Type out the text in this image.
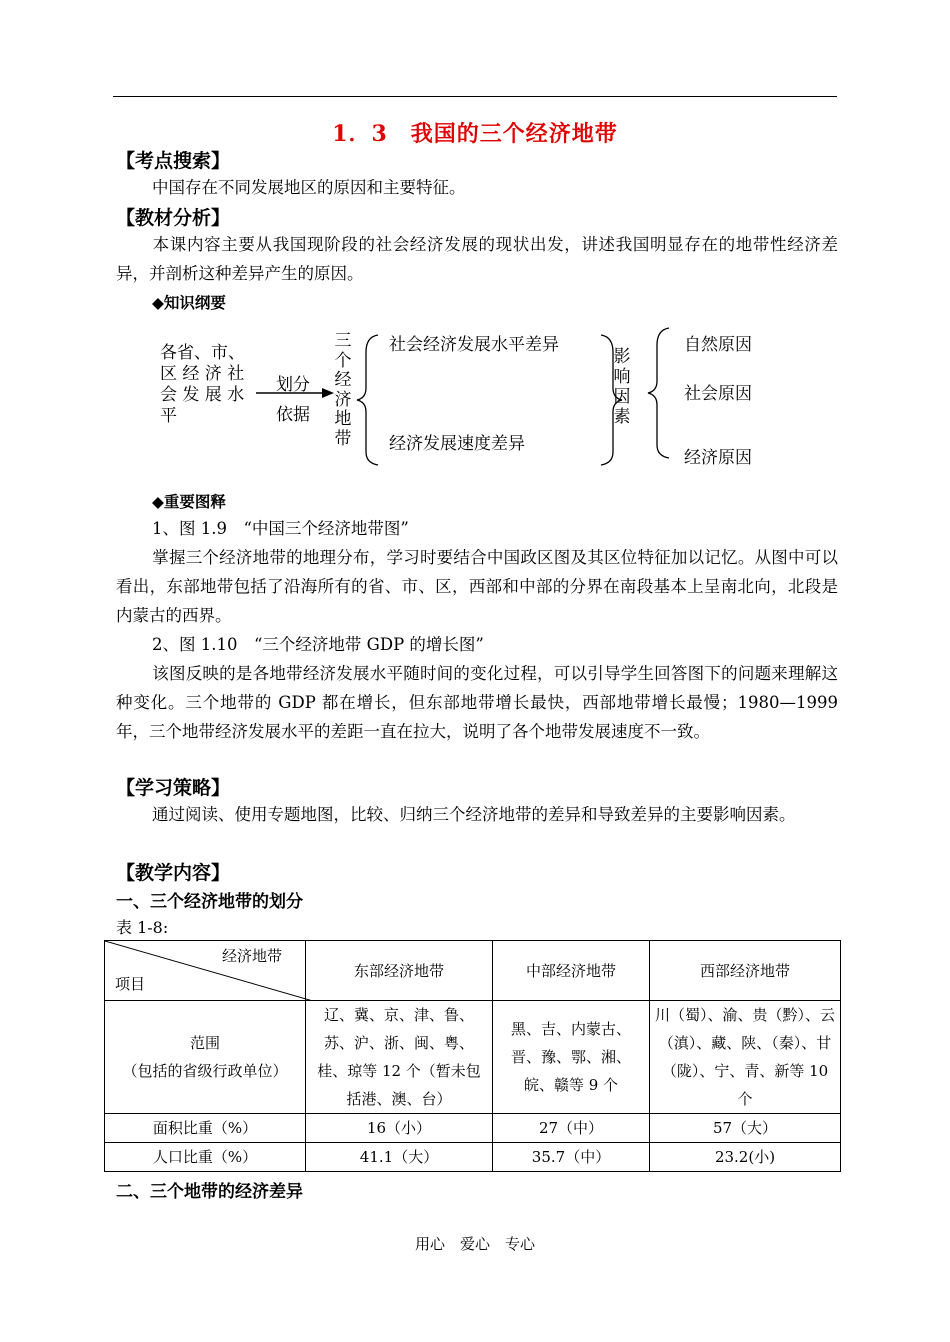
1．3　我国的三个经济地带
【考点搜索】
中国存在不同发展地区的原因和主要特征。
【教材分析】
本课内容主要从我国现阶段的社会经济发展的现状出发，讲述我国明显存在的地带性经济差异，并剖析这种差异产生的原因。
◆知识纲要
各省、市、
区 经 济 社
会 发 展 水
平
划分
依据
三个经济地带
社会经济发展水平差异
经济发展速度差异
影响因素
自然原因
社会原因
经济原因
◆重要图释
1、图 1.9　“中国三个经济地带图”
掌握三个经济地带的地理分布，学习时要结合中国政区图及其区位特征加以记忆。从图中可以看出，东部地带包括了沿海所有的省、市、区，西部和中部的分界在南段基本上呈南北向，北段是内蒙古的西界。
2、图 1.10　“三个经济地带 GDP 的增长图”
该图反映的是各地带经济发展水平随时间的变化过程，可以引导学生回答图下的问题来理解这种变化。三个地带的 GDP 都在增长，但东部地带增长最快，西部地带增长最慢；1980—1999 年，三个地带经济发展水平的差距一直在拉大，说明了各个地带发展速度不一致。
【学习策略】
通过阅读、使用专题地图，比较、归纳三个经济地带的差异和导致差异的主要影响因素。
【教学内容】
一、三个经济地带的划分
表 1-8:
经济地带
项目	东部经济地带	中部经济地带	西部经济地带

范围
（包括的省级行政单位）	辽、冀、京、津、鲁、苏、沪、浙、闽、粤、桂、琼等 12 个（暂未包括港、澳、台）	黑、吉、内蒙古、晋、豫、鄂、湘、皖、赣等 9 个	川（蜀）、渝、贵（黔）、云（滇）、藏、陕、（秦）、甘（陇）、宁、青、新等 10 个
面积比重（%）	16（小）	27（中）	57（大）
人口比重（%）	41.1（大）	35.7（中）	23.2(小)
二、三个地带的经济差异
用心　爱心　专心
